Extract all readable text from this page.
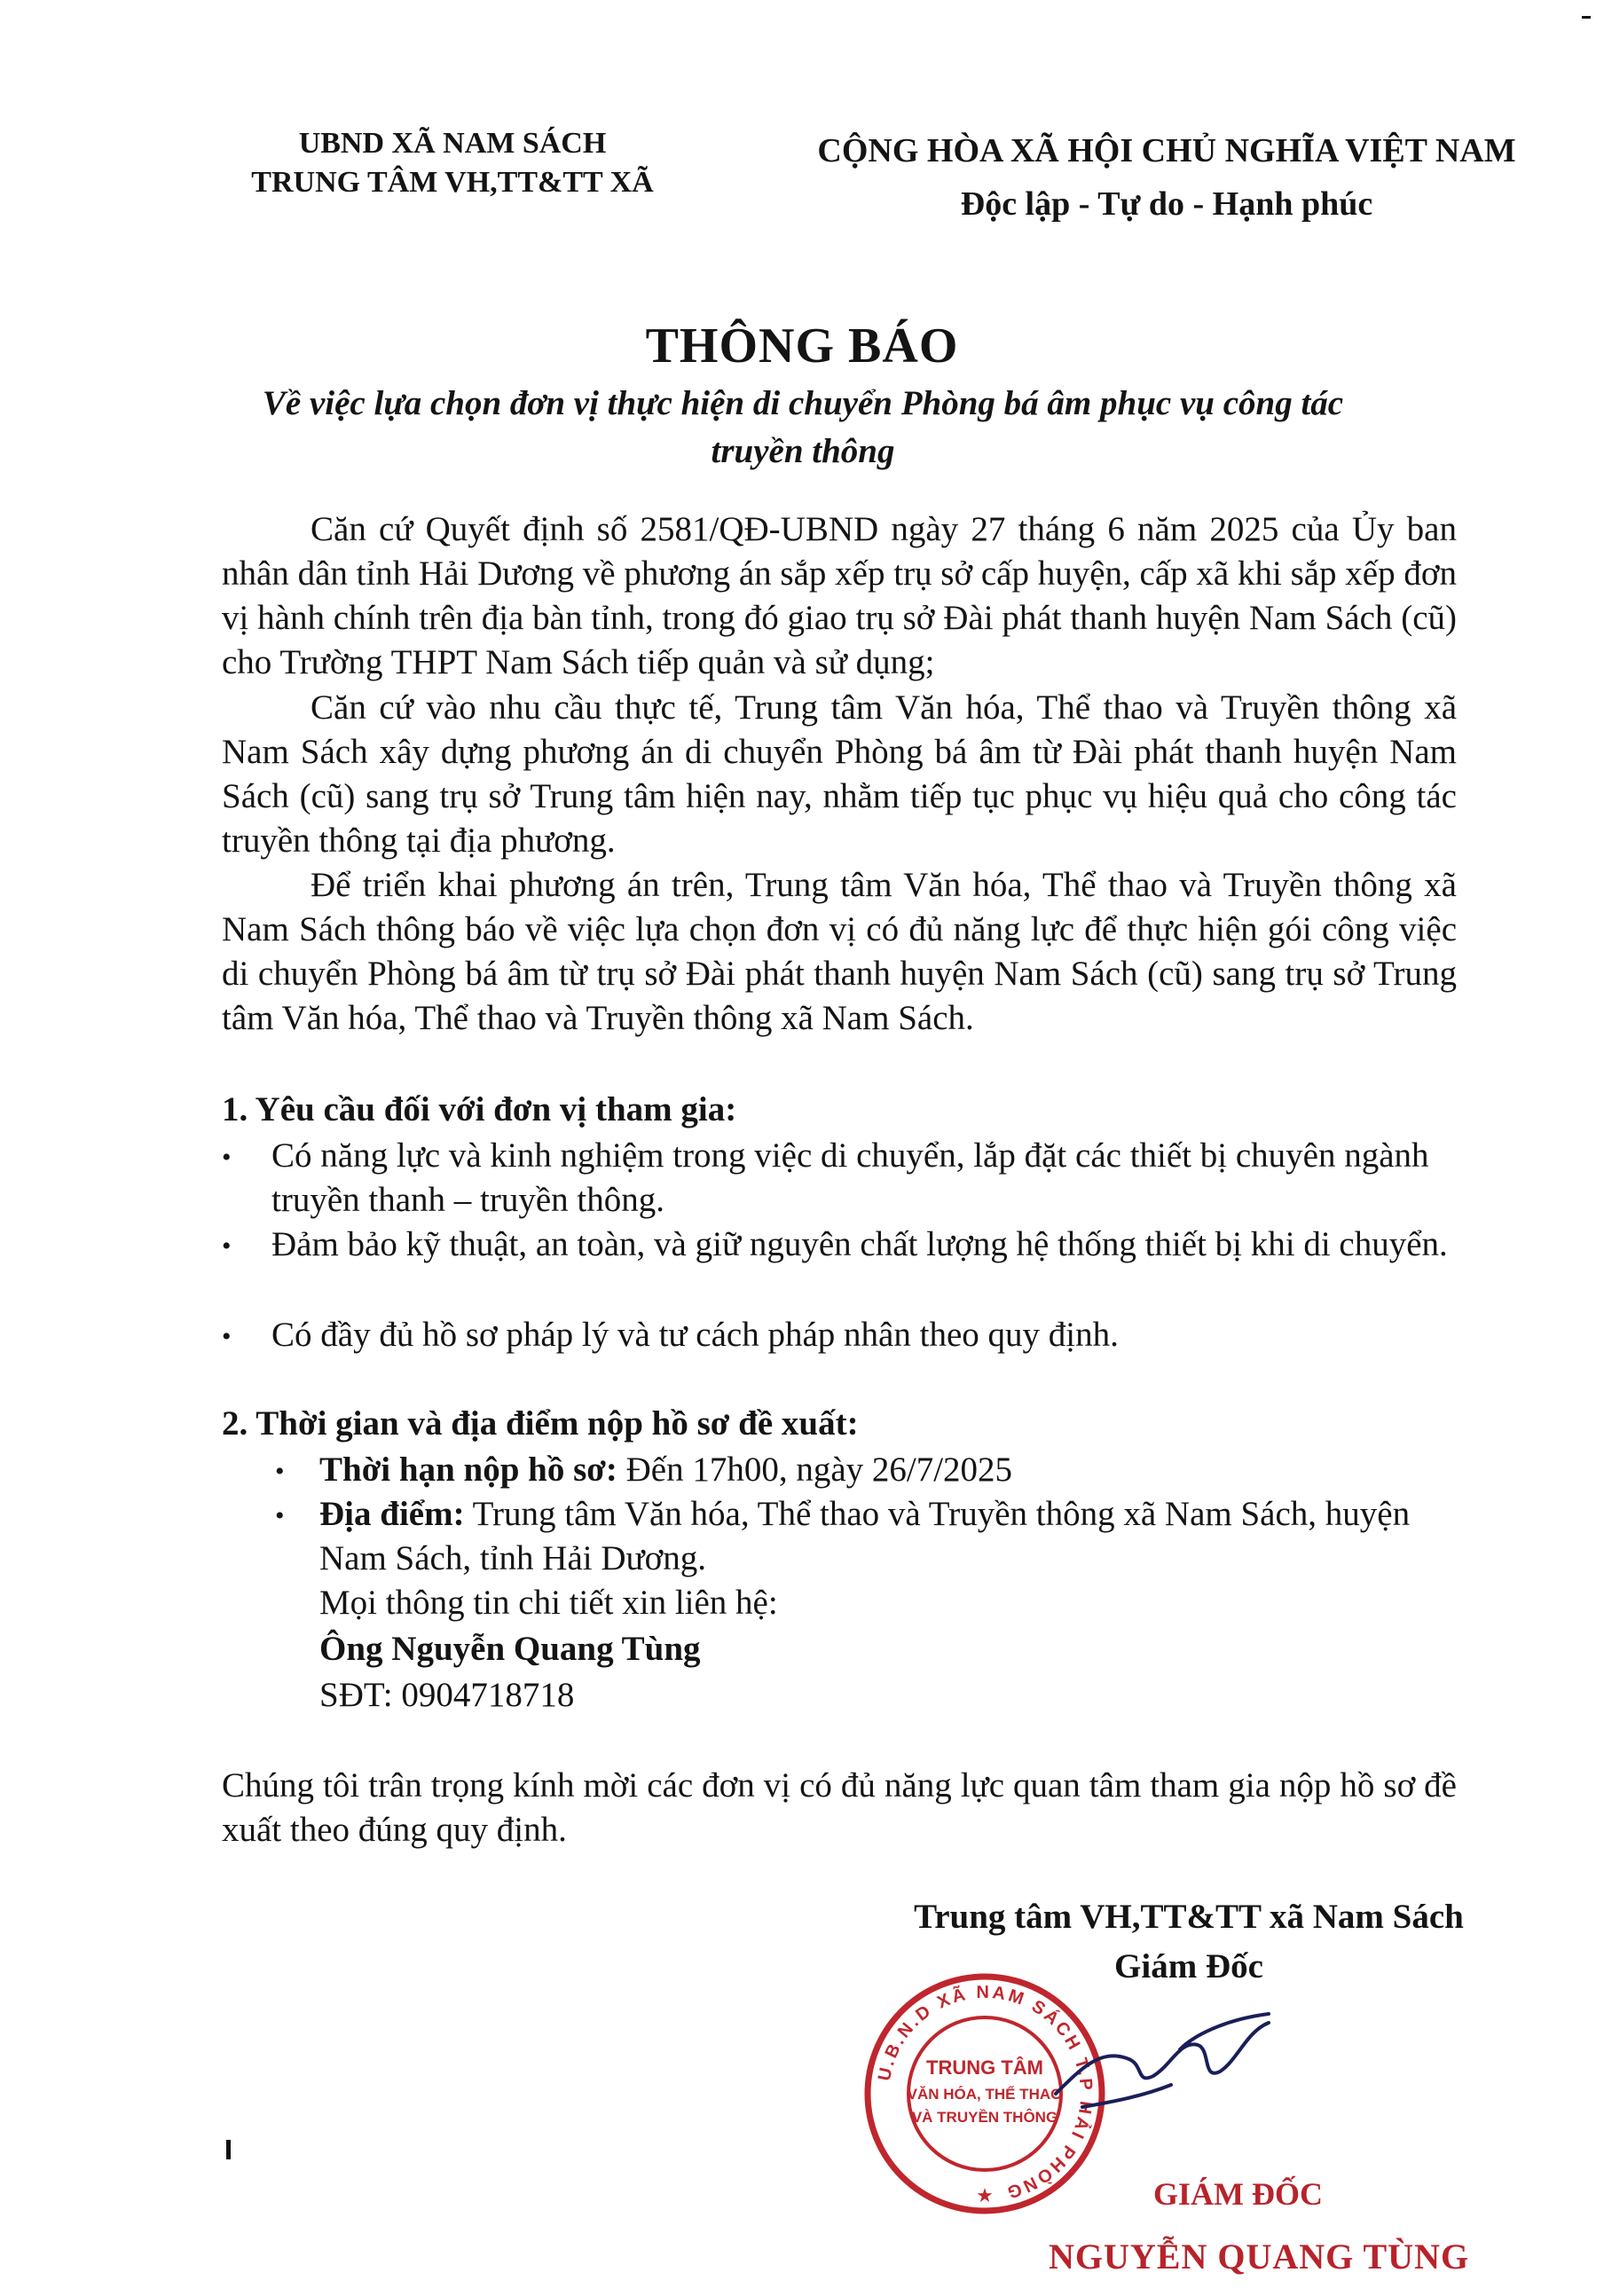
UBND XÃ NAM SÁCH
TRUNG TÂM VH,TT&TT XÃ
CỘNG HÒA XÃ HỘI CHỦ NGHĨA VIỆT NAM
Độc lập - Tự do - Hạnh phúc
THÔNG BÁO
Về việc lựa chọn đơn vị thực hiện di chuyển Phòng bá âm phục vụ công tác truyền thông
Căn cứ Quyết định số 2581/QĐ-UBND ngày 27 tháng 6 năm 2025 của Ủy ban nhân dân tỉnh Hải Dương về phương án sắp xếp trụ sở cấp huyện, cấp xã khi sắp xếp đơn vị hành chính trên địa bàn tỉnh, trong đó giao trụ sở Đài phát thanh huyện Nam Sách (cũ) cho Trường THPT Nam Sách tiếp quản và sử dụng;
Căn cứ vào nhu cầu thực tế, Trung tâm Văn hóa, Thể thao và Truyền thông xã Nam Sách xây dựng phương án di chuyển Phòng bá âm từ Đài phát thanh huyện Nam Sách (cũ) sang trụ sở Trung tâm hiện nay, nhằm tiếp tục phục vụ hiệu quả cho công tác truyền thông tại địa phương.
Để triển khai phương án trên, Trung tâm Văn hóa, Thể thao và Truyền thông xã Nam Sách thông báo về việc lựa chọn đơn vị có đủ năng lực để thực hiện gói công việc di chuyển Phòng bá âm từ trụ sở Đài phát thanh huyện Nam Sách (cũ) sang trụ sở Trung tâm Văn hóa, Thể thao và Truyền thông xã Nam Sách.
1. Yêu cầu đối với đơn vị tham gia:
• Có năng lực và kinh nghiệm trong việc di chuyển, lắp đặt các thiết bị chuyên ngành truyền thanh – truyền thông.
• Đảm bảo kỹ thuật, an toàn, và giữ nguyên chất lượng hệ thống thiết bị khi di chuyển.
• Có đầy đủ hồ sơ pháp lý và tư cách pháp nhân theo quy định.
2. Thời gian và địa điểm nộp hồ sơ đề xuất:
• Thời hạn nộp hồ sơ: Đến 17h00, ngày 26/7/2025
• Địa điểm: Trung tâm Văn hóa, Thể thao và Truyền thông xã Nam Sách, huyện Nam Sách, tỉnh Hải Dương.
Mọi thông tin chi tiết xin liên hệ:
Ông Nguyễn Quang Tùng
SĐT: 0904718718
Chúng tôi trân trọng kính mời các đơn vị có đủ năng lực quan tâm tham gia nộp hồ sơ đề xuất theo đúng quy định.
Trung tâm VH,TT&TT xã Nam Sách
Giám Đốc
U.B.N.D XÃ NAM SÁCH T.P HẢI PHÒNG
TRUNG TÂM
VĂN HÓA, THỂ THAO
VÀ TRUYỀN THÔNG
★	GIÁM ĐỐC
NGUYỄN QUANG TÙNG
